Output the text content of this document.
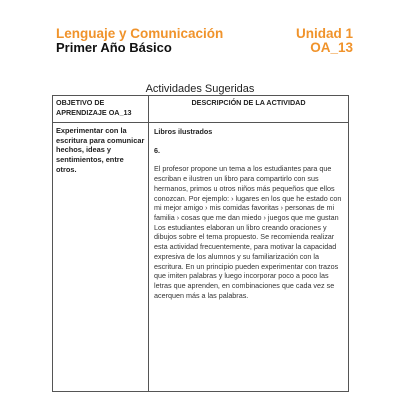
Lenguaje y Comunicación
Primer Año Básico
Unidad 1
OA_13
Actividades Sugeridas
OBJETIVO DE APRENDIZAJE OA_13	DESCRIPCIÓN DE LA ACTIVIDAD
Experimentar con la escritura para comunicar hechos, ideas y sentimientos, entre otros.	Libros ilustrados
6.

El profesor propone un tema a los estudiantes para que escriban e ilustren un libro para compartirlo con sus hermanos, primos u otros niños más pequeños que ellos conozcan. Por ejemplo: › lugares en los que he estado con mi mejor amigo › mis comidas favoritas › personas de mi familia › cosas que me dan miedo › juegos que me gustan Los estudiantes elaboran un libro creando oraciones y dibujos sobre el tema propuesto. Se recomienda realizar esta actividad frecuentemente, para motivar la capacidad expresiva de los alumnos y su familiarización con la escritura. En un principio pueden experimentar con trazos que imiten palabras y luego incorporar poco a poco las letras que aprenden, en combinaciones que cada vez se acerquen más a las palabras.
